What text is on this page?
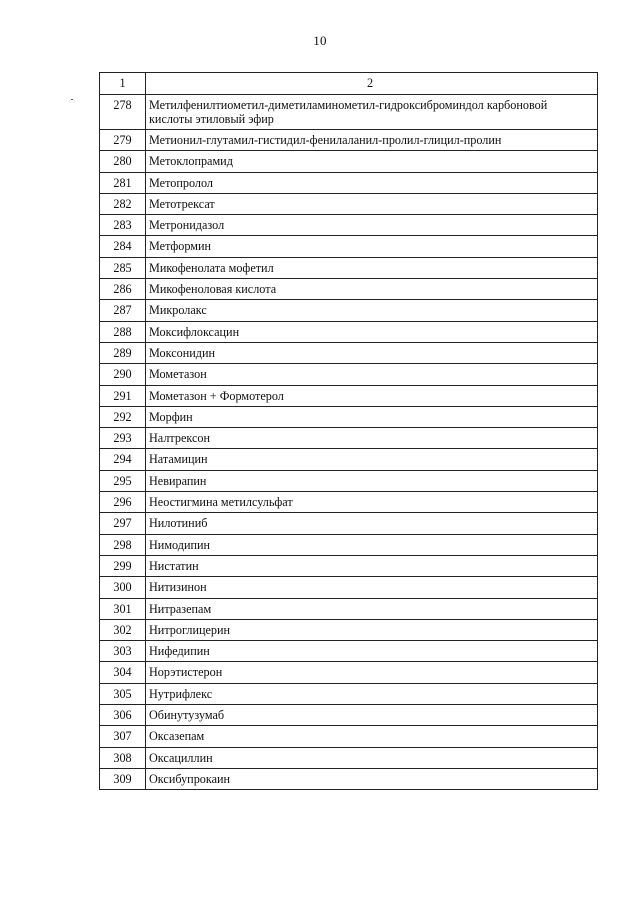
10
1	2
278	Метилфенилтиометил-диметиламинометил-гидроксиброминдол карбоновой кислоты этиловый эфир
279	Метионил-глутамил-гистидил-фенилаланил-пролил-глицил-пролин
280	Метоклопрамид
281	Метопролол
282	Метотрексат
283	Метронидазол
284	Метформин
285	Микофенолата мофетил
286	Микофеноловая кислота
287	Микролакс
288	Моксифлоксацин
289	Моксонидин
290	Мометазон
291	Мометазон + Формотерол
292	Морфин
293	Налтрексон
294	Натамицин
295	Невирапин
296	Неостигмина метилсульфат
297	Нилотиниб
298	Нимодипин
299	Нистатин
300	Нитизинон
301	Нитразепам
302	Нитроглицерин
303	Нифедипин
304	Норэтистерон
305	Нутрифлекс
306	Обинутузумаб
307	Оксазепам
308	Оксациллин
309	Оксибупрокаин
